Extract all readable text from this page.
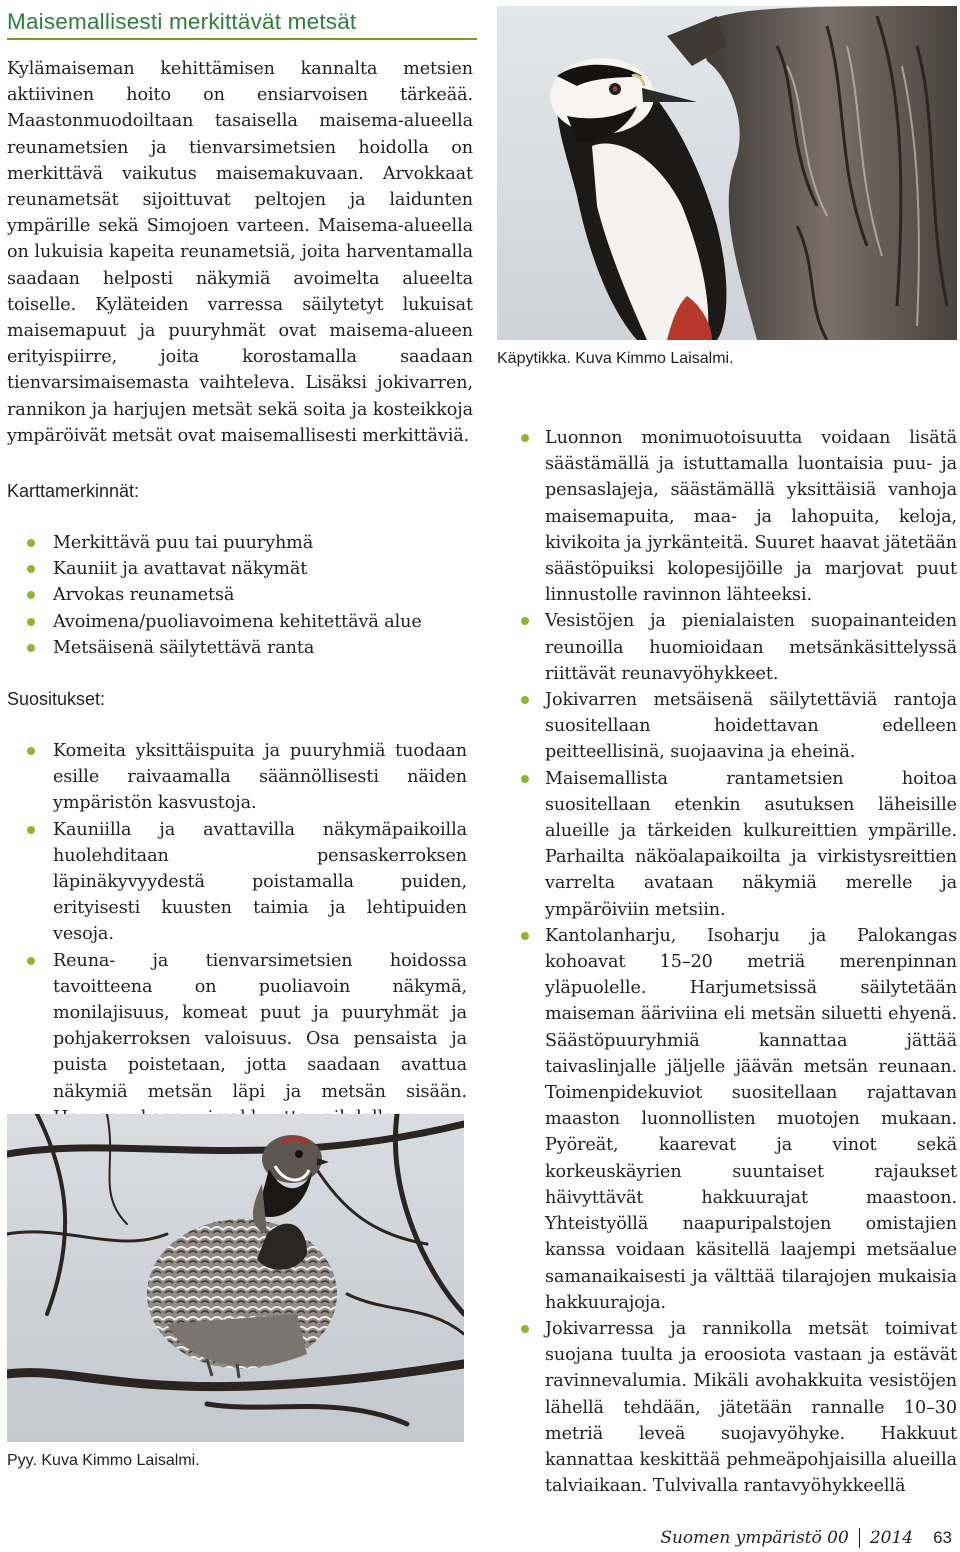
Maisemallisesti merkittävät metsät

Kylämaiseman kehittämisen kannalta metsien aktiivinen hoito on ensiarvoisen tärkeää. Maastonmuodoiltaan tasaisella maisema-alueella reunametsien ja tienvarsimetsien hoidolla on merkittävä vaikutus maisemakuvaan. Arvokkaat reunametsät sijoittuvat peltojen ja laidunten ympärille sekä Simojoen varteen. Maisema-alueella on lukuisia kapeita reunametsiä, joita harventamalla saadaan helposti näkymiä avoimelta alueelta toiselle. Kyläteiden varressa säilytetyt lukuisat maisemapuut ja puuryhmät ovat maisema-alueen erityispiirre, joita korostamalla saadaan tienvarsimaisemasta vaihteleva. Lisäksi jokivarren, rannikon ja harjujen metsät sekä soita ja kosteikkoja ympäröivät metsät ovat maisemallisesti merkittäviä.

Karttamerkinnät:
Merkittävä puu tai puuryhmä
Kauniit ja avattavat näkymät
Arvokas reunametsä
Avoimena/puoliavoimena kehitettävä alue
Metsäisenä säilytettävä ranta
Suositukset:
Komeita yksittäispuita ja puuryhmiä tuodaan esille raivaamalla säännöllisesti näiden ympäristön kasvustoja.
Kauniilla ja avattavilla näkymäpaikoilla huolehditaan pensaskerroksen läpinäkyvyydestä poistamalla puiden, erityisesti kuusten taimia ja lehtipuiden vesoja.
Reuna- ja tienvarsimetsien hoidossa tavoitteena on puoliavoin näkymä, monilajisuus, komeat puut ja puuryhmät ja pohjakerroksen valoisuus. Osa pensaista ja puista poistetaan, jotta saadaan avattua näkymiä metsän läpi ja metsän sisään.
Pyy. Kuva Kimmo Laisalmi.
Käpytikka. Kuva Kimmo Laisalmi.
Luonnon monimuotoisuutta voidaan lisätä säästämällä ja istuttamalla luontaisia puu- ja pensaslajeja, säästämällä yksittäisiä vanhoja maisemapuita, maa- ja lahopuita, keloja, kivikoita ja jyrkänteitä. Suuret haavat jätetään säästöpuiksi kolopesijöille ja marjovat puut linnustolle ravinnon lähteeksi.
Vesistöjen ja pienialaisten suopainanteiden reunoilla huomioidaan metsänkäsittelyssä riittävät reunavyöhykkeet.
Jokivarren metsäisenä säilytettäviä rantoja suositellaan hoidettavan edelleen peitteellisinä, suojaavina ja eheinä.
Maisemallista rantametsien hoitoa suositellaan etenkin asutuksen läheisille alueille ja tärkeiden kulkureittien ympärille. Parhailta näköalapaikoilta ja virkistysreittien varrelta avataan näkymiä merelle ja ympäröiviin metsiin.
Kantolanharju, Isoharju ja Palokangas kohoavat 15–20 metriä merenpinnan yläpuolelle. Harjumetsissä säilytetään maiseman ääriviina eli metsän siluetti ehyenä. Säästöpuuryhmiä kannattaa jättää taivaslinjalle jäljelle jäävän metsän reunaan. Toimenpidekuviot suositellaan rajattavan maaston luonnollisten muotojen mukaan. Pyöreät, kaarevat ja vinot sekä korkeuskäyrien suuntaiset rajaukset häivyttävät hakkuurajat maastoon. Yhteistyöllä naapuripalstojen omistajien kanssa voidaan käsitellä laajempi metsäalue samanaikaisesti ja välttää tilarajojen mukaisia hakkuurajoja.
Jokivarressa ja rannikolla metsät toimivat suojana tuulta ja eroosiota vastaan ja estävät ravinnevalumia. Mikäli avohakkuita vesistöjen lähellä tehdään, jätetään rannalle 10–30 metriä leveä suojavyöhyke. Hakkuut kannattaa keskittää pehmeäpohjaisilla alueilla talviaikaan. Tulvivalla rantavyöhykkeellä
Suomen ympäristö 00 2014 63
